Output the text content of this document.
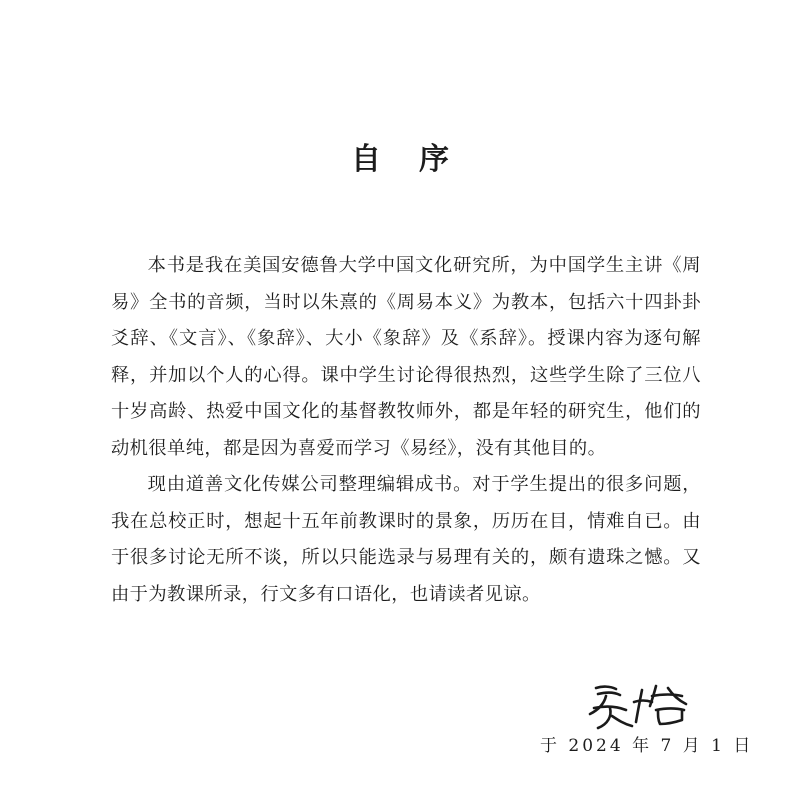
自序

本书是我在美国安德鲁大学中国文化研究所，为中国学生主讲《周易》全书的音频，当时以朱熹的《周易本义》为教本，包括六十四卦卦爻辞、《文言》、《象辞》、大小《象辞》及《系辞》。授课内容为逐句解释，并加以个人的心得。课中学生讨论得很热烈，这些学生除了三位八十岁高龄、热爱中国文化的基督教牧师外，都是年轻的研究生，他们的动机很单纯，都是因为喜爱而学习《易经》，没有其他目的。

现由道善文化传媒公司整理编辑成书。对于学生提出的很多问题，我在总校正时，想起十五年前教课时的景象，历历在目，情难自已。由于很多讨论无所不谈，所以只能选录与易理有关的，颇有遗珠之憾。又由于为教课所录，行文多有口语化，也请读者见谅。

于 2024 年 7 月 1 日
